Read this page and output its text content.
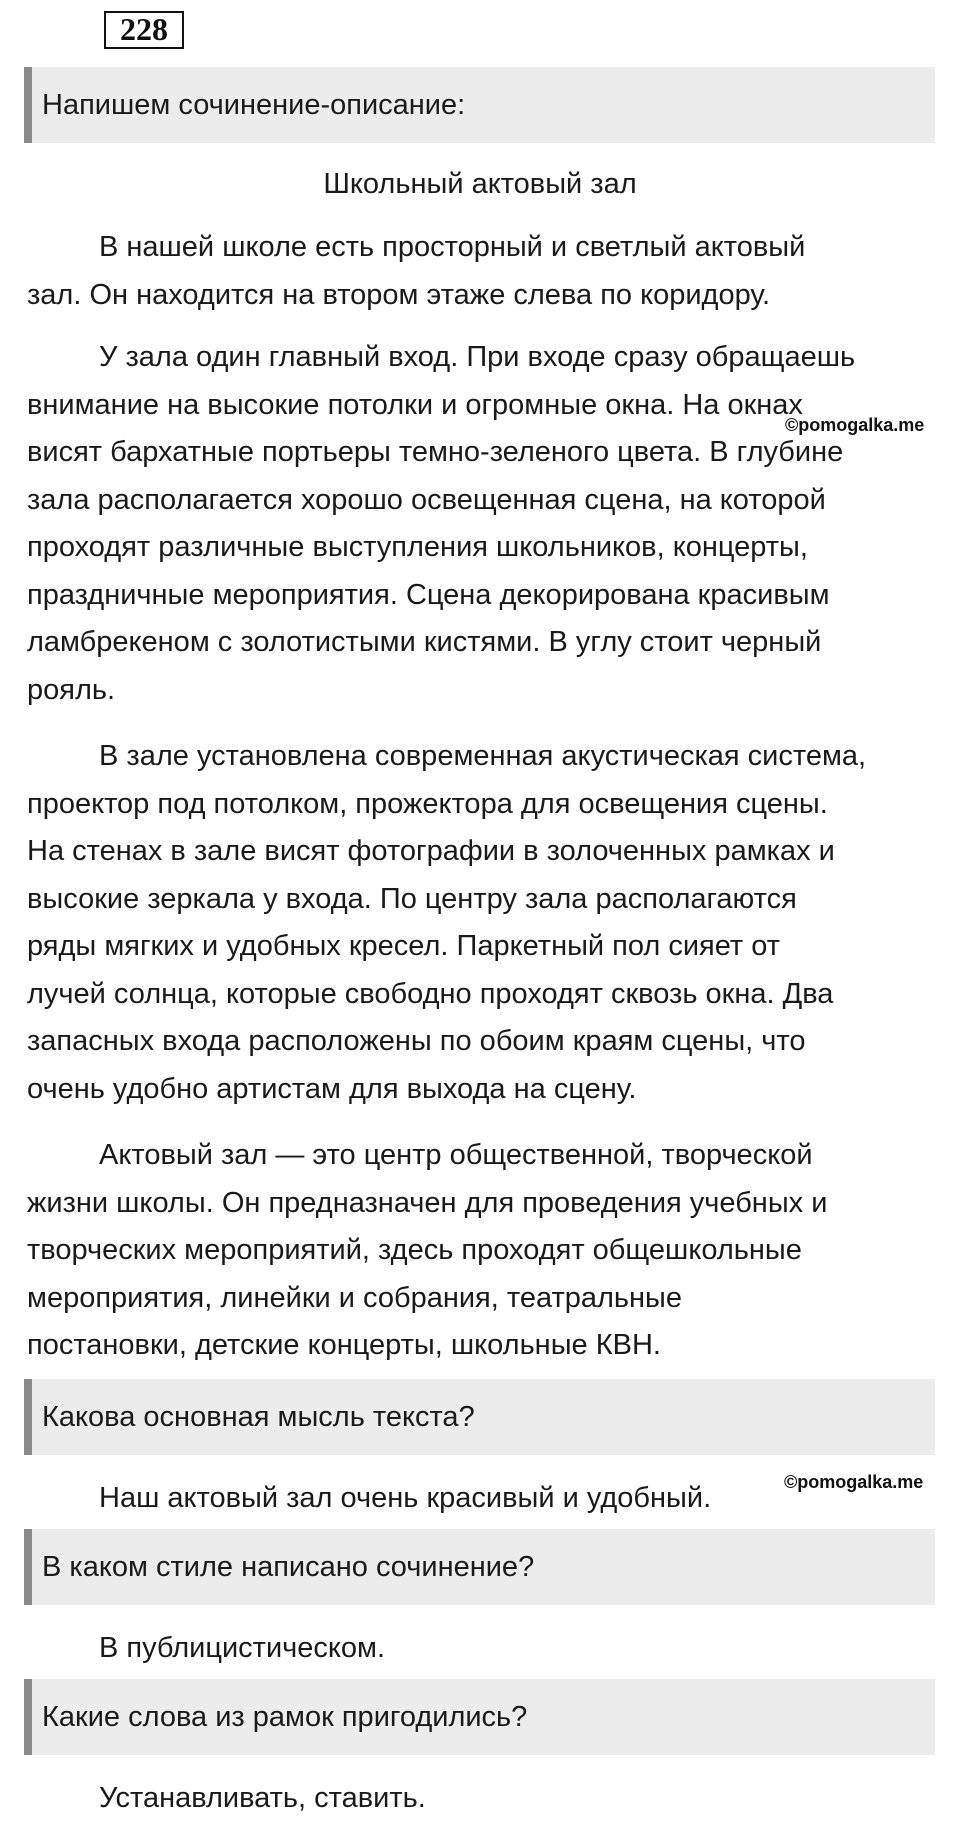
228
Напишем сочинение-описание:
Школьный актовый зал
В нашей школе есть просторный и светлый актовый
зал. Он находится на втором этаже слева по коридору.
У зала один главный вход. При входе сразу обращаешь
внимание на высокие потолки и огромные окна. На окнах
висят бархатные портьеры темно-зеленого цвета. В глубине
зала располагается хорошо освещенная сцена, на которой
проходят различные выступления школьников, концерты,
праздничные мероприятия. Сцена декорирована красивым
ламбрекеном с золотистыми кистями. В углу стоит черный
рояль.
В зале установлена современная акустическая система,
проектор под потолком, прожектора для освещения сцены.
На стенах в зале висят фотографии в золоченных рамках и
высокие зеркала у входа. По центру зала располагаются
ряды мягких и удобных кресел. Паркетный пол сияет от
лучей солнца, которые свободно проходят сквозь окна. Два
запасных входа расположены по обоим краям сцены, что
очень удобно артистам для выхода на сцену.
Актовый зал — это центр общественной, творческой
жизни школы. Он предназначен для проведения учебных и
творческих мероприятий, здесь проходят общешкольные
мероприятия, линейки и собрания, театральные
постановки, детские концерты, школьные КВН.
Какова основная мысль текста?
Наш актовый зал очень красивый и удобный.
В каком стиле написано сочинение?
В публицистическом.
Какие слова из рамок пригодились?
Устанавливать, ставить.
©pomogalka.me
©pomogalka.me
